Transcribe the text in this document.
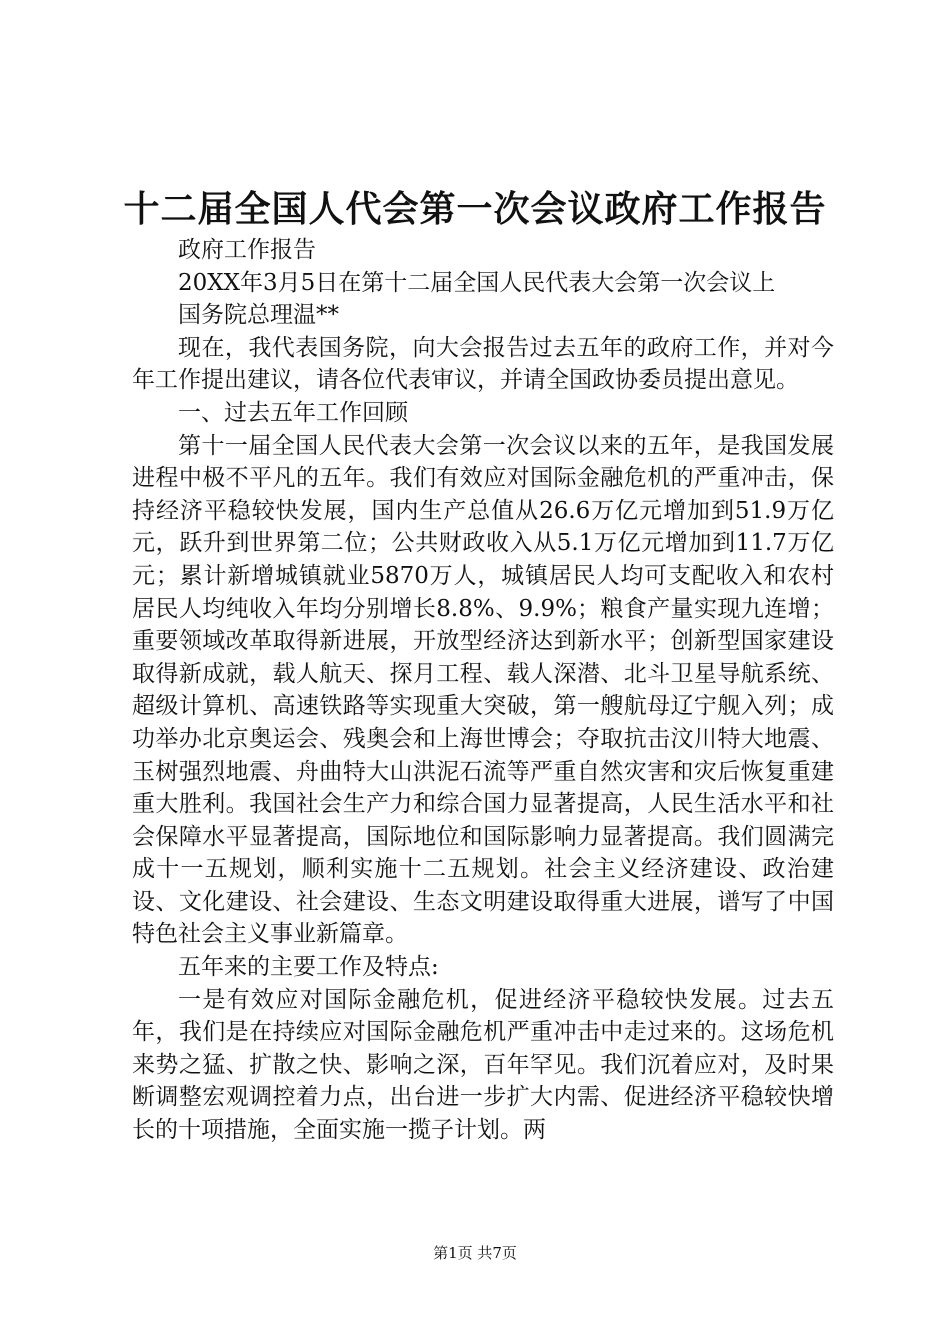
十二届全国人代会第一次会议政府工作报告

政府工作报告

20XX年3月5日在第十二届全国人民代表大会第一次会议上

国务院总理温**

现在，我代表国务院，向大会报告过去五年的政府工作，并对今年工作提出建议，请各位代表审议，并请全国政协委员提出意见。

一、过去五年工作回顾

第十一届全国人民代表大会第一次会议以来的五年，是我国发展进程中极不平凡的五年。我们有效应对国际金融危机的严重冲击，保持经济平稳较快发展，国内生产总值从26.6万亿元增加到51.9万亿元，跃升到世界第二位；公共财政收入从5.1万亿元增加到11.7万亿元；累计新增城镇就业5870万人，城镇居民人均可支配收入和农村居民人均纯收入年均分别增长8.8%、9.9%；粮食产量实现九连增；重要领域改革取得新进展，开放型经济达到新水平；创新型国家建设取得新成就，载人航天、探月工程、载人深潜、北斗卫星导航系统、超级计算机、高速铁路等实现重大突破，第一艘航母辽宁舰入列；成功举办北京奥运会、残奥会和上海世博会；夺取抗击汶川特大地震、玉树强烈地震、舟曲特大山洪泥石流等严重自然灾害和灾后恢复重建重大胜利。我国社会生产力和综合国力显著提高，人民生活水平和社会保障水平显著提高，国际地位和国际影响力显著提高。我们圆满完成十一五规划，顺利实施十二五规划。社会主义经济建设、政治建设、文化建设、社会建设、生态文明建设取得重大进展，谱写了中国特色社会主义事业新篇章。

五年来的主要工作及特点:

一是有效应对国际金融危机，促进经济平稳较快发展。过去五年，我们是在持续应对国际金融危机严重冲击中走过来的。这场危机来势之猛、扩散之快、影响之深，百年罕见。我们沉着应对，及时果断调整宏观调控着力点，出台进一步扩大内需、促进经济平稳较快增长的十项措施，全面实施一揽子计划。两

第1页 共7页
